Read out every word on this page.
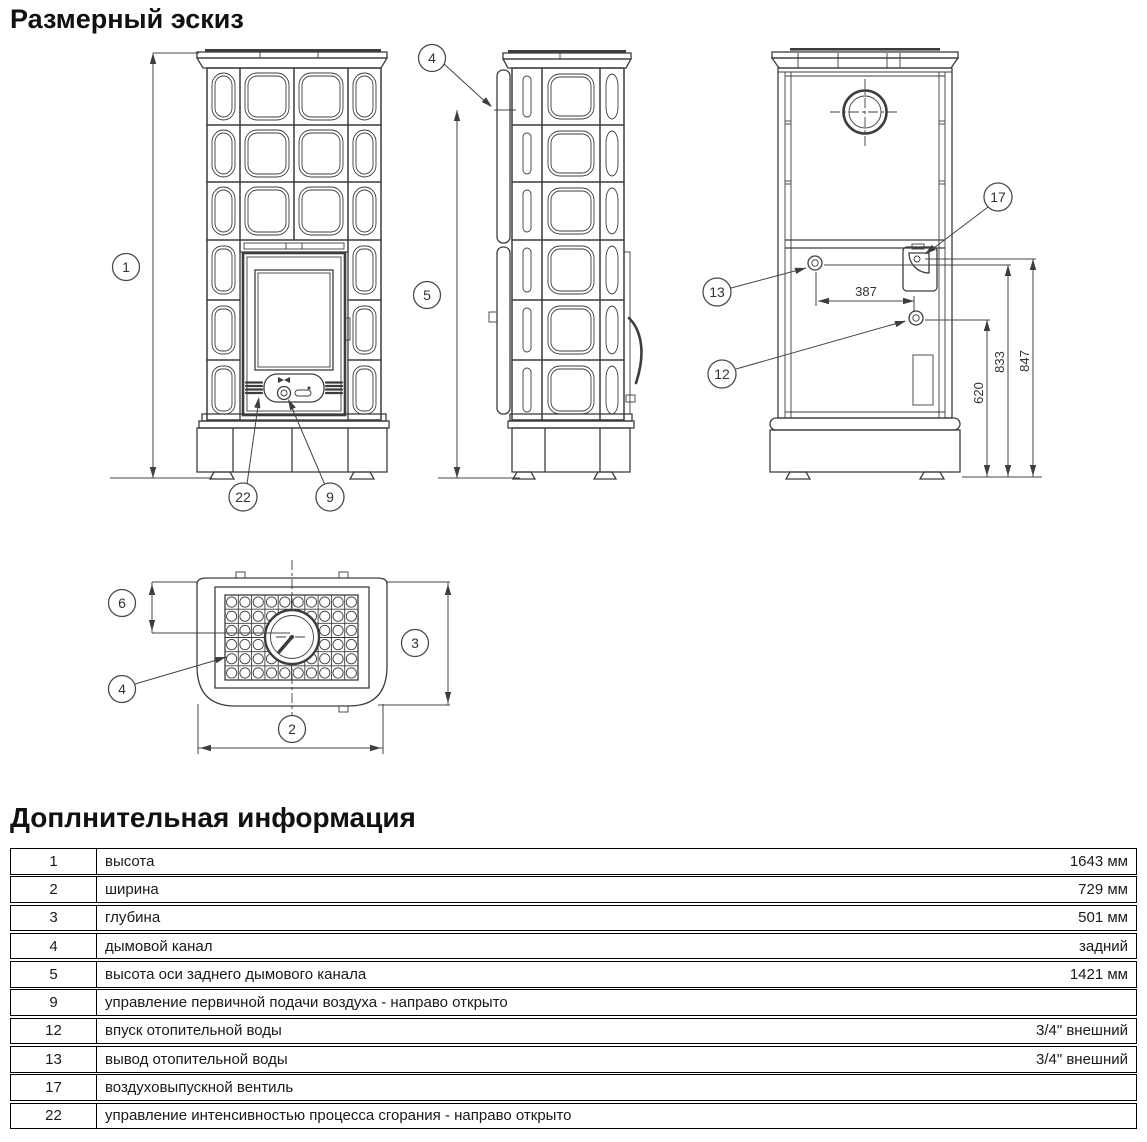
Размерный эскиз
1
22	9
4
5	387
620
833 847
17
13
12
6
3
4
2
Доплнительная информация
1	высота	1643 мм
2	ширина	729 мм
3	глубина	501 мм
4	дымовой канал	задний
5	высота оси заднего дымового канала	1421 мм
9	управление первичной подачи воздуха - направо открыто
12	впуск отопительной воды	3/4" внешний
13	вывод отопительной воды	3/4" внешний
17	воздуховыпускной вентиль
22	управление интенсивностью процесса сгорания - направо открыто
